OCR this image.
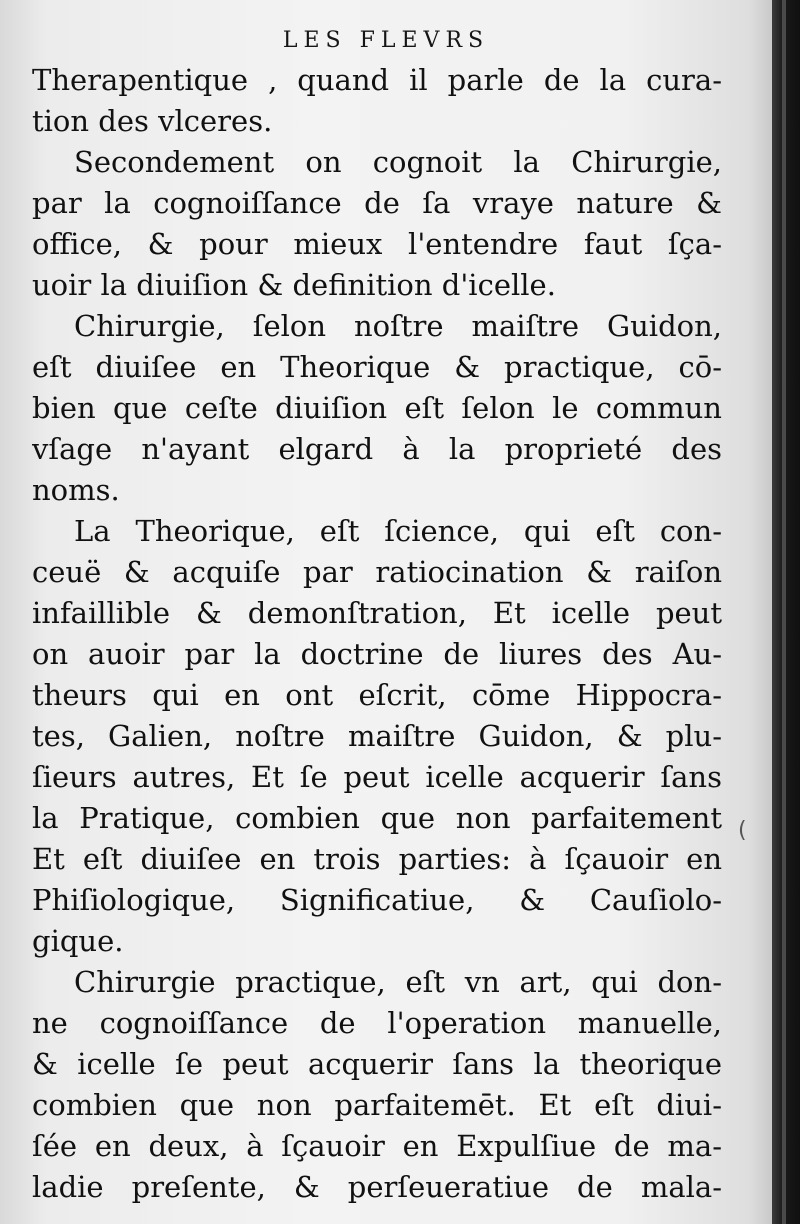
LES FLEVRS
Therapentique , quand il parle de la cura-
tion des vlceres.
Secondement on cognoit la Chirurgie,
par la cognoiſſance de ſa vraye nature &
office, & pour mieux l'entendre faut ſça-
uoir la diuiſion & definition d'icelle.
Chirurgie, ſelon noſtre maiſtre Guidon,
eſt diuiſee en Theorique & practique, cō-
bien que ceſte diuiſion eſt ſelon le commun
vſage n'ayant elgard à la proprieté des
noms.
La Theorique, eſt ſcience, qui eſt con-
ceuë & acquiſe par ratiocination & raiſon
infaillible & demonſtration, Et icelle peut
on auoir par la doctrine de liures des Au-
theurs qui en ont eſcrit, cōme Hippocra-
tes, Galien, noſtre maiſtre Guidon, & plu-
ſieurs autres, Et ſe peut icelle acquerir ſans
la Pratique, combien que non parfaitement
Et eſt diuiſee en trois parties: à ſçauoir en
Phiſiologique, Significatiue, & Cauſiolo-
gique.
Chirurgie practique, eſt vn art, qui don-
ne cognoiſſance de l'operation manuelle,
& icelle ſe peut acquerir ſans la theorique
combien que non parfaitemēt. Et eſt diui-
ſée en deux, à ſçauoir en Expulſiue de ma-
ladie preſente, & perſeueratiue de mala-
(
